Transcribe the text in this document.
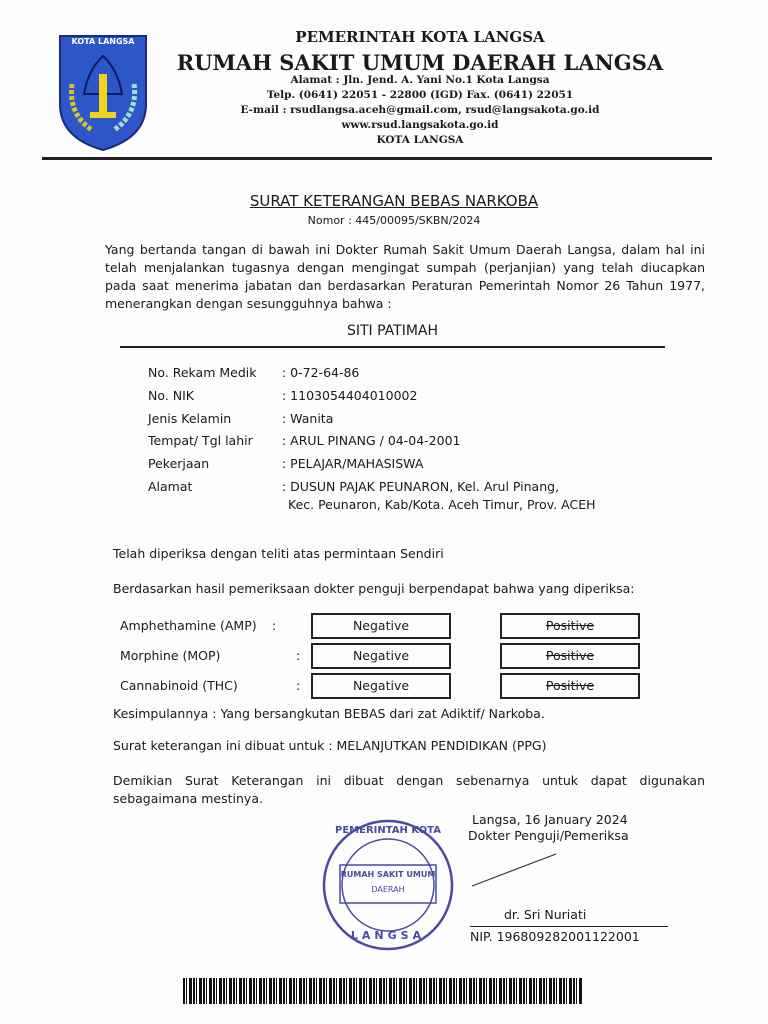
KOTA LANGSA	PEMERINTAH KOTA LANGSA
RUMAH SAKIT UMUM DAERAH LANGSA
Alamat : Jln. Jend. A. Yani No.1 Kota Langsa
Telp. (0641) 22051 - 22800 (IGD) Fax. (0641) 22051
E-mail : rsudlangsa.aceh@gmail.com, rsud@langsakota.go.id
www.rsud.langsakota.go.id
KOTA LANGSA
SURAT KETERANGAN BEBAS NARKOBA
Nomor : 445/00095/SKBN/2024
Yang bertanda tangan di bawah ini Dokter Rumah Sakit Umum Daerah Langsa, dalam hal ini telah menjalankan tugasnya dengan mengingat sumpah (perjanjian) yang telah diucapkan pada saat menerima jabatan dan berdasarkan Peraturan Pemerintah Nomor 26 Tahun 1977, menerangkan dengan sesungguhnya bahwa :
SITI PATIMAH
No. Rekam Medik : 0-72-64-86
No. NIK	: 1103054404010002
Jenis Kelamin	: Wanita
Tempat/ Tgl lahir : ARUL PINANG / 04-04-2001
Pekerjaan	: PELAJAR/MAHASISWA
Alamat	: DUSUN PAJAK PEUNARON, Kel. Arul Pinang,
Kec. Peunaron, Kab/Kota. Aceh Timur, Prov. ACEH
Telah diperiksa dengan teliti atas permintaan Sendiri
Berdasarkan hasil pemeriksaan dokter penguji berpendapat bahwa yang diperiksa:
Amphethamine (AMP) :	Negative	Positive
Morphine (MOP)	:	Negative	Positive
Cannabinoid (THC)	:	Negative	Positive
Kesimpulannya : Yang bersangkutan BEBAS dari zat Adiktif/ Narkoba.
Surat keterangan ini dibuat untuk : MELANJUTKAN PENDIDIKAN (PPG)
Demikian Surat Keterangan ini dibuat dengan sebenarnya untuk dapat digunakan sebagaimana mestinya.
PEMERINTAH KOTA
RUMAH SAKIT UMUM
DAERAH
LANGSA
Langsa, 16 January 2024
Dokter Penguji/Pemeriksa
dr. Sri Nuriati
NIP. 196809282001122001
